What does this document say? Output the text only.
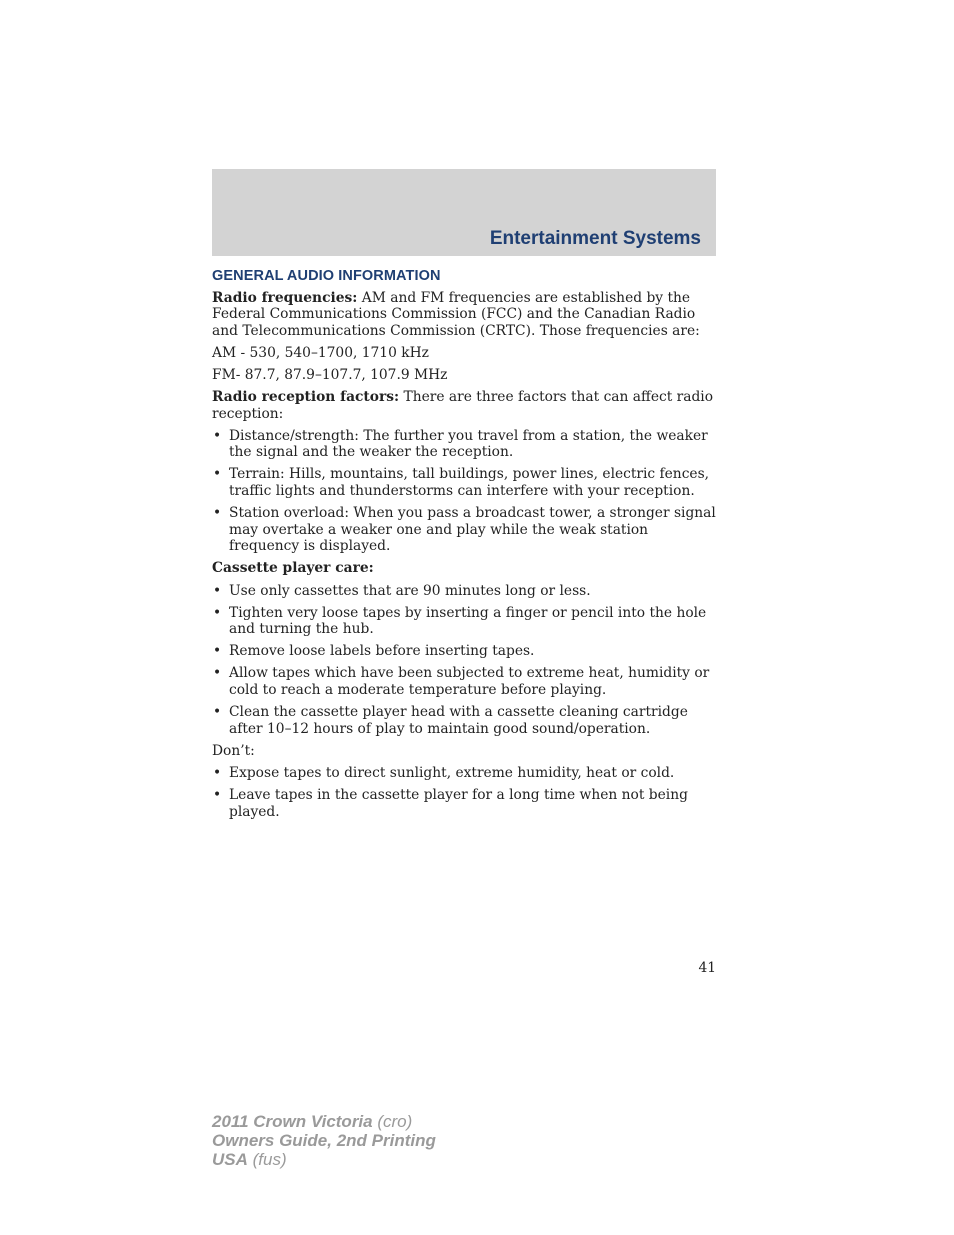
Entertainment Systems
GENERAL AUDIO INFORMATION

Radio frequencies: AM and FM frequencies are established by the Federal Communications Commission (FCC) and the Canadian Radio and Telecommunications Commission (CRTC). Those frequencies are:

AM - 530, 540–1700, 1710 kHz

FM- 87.7, 87.9–107.7, 107.9 MHz

Radio reception factors: There are three factors that can affect radio reception:

• Distance/strength: The further you travel from a station, the weaker the signal and the weaker the reception.
• Terrain: Hills, mountains, tall buildings, power lines, electric fences, traffic lights and thunderstorms can interfere with your reception.
• Station overload: When you pass a broadcast tower, a stronger signal may overtake a weaker one and play while the weak station frequency is displayed.

Cassette player care:

• Use only cassettes that are 90 minutes long or less.
• Tighten very loose tapes by inserting a finger or pencil into the hole and turning the hub.
• Remove loose labels before inserting tapes.
• Allow tapes which have been subjected to extreme heat, humidity or cold to reach a moderate temperature before playing.
• Clean the cassette player head with a cassette cleaning cartridge after 10–12 hours of play to maintain good sound/operation.

Don’t:

• Expose tapes to direct sunlight, extreme humidity, heat or cold.
• Leave tapes in the cassette player for a long time when not being played.
41
2011 Crown Victoria (cro)
Owners Guide, 2nd Printing
USA (fus)
